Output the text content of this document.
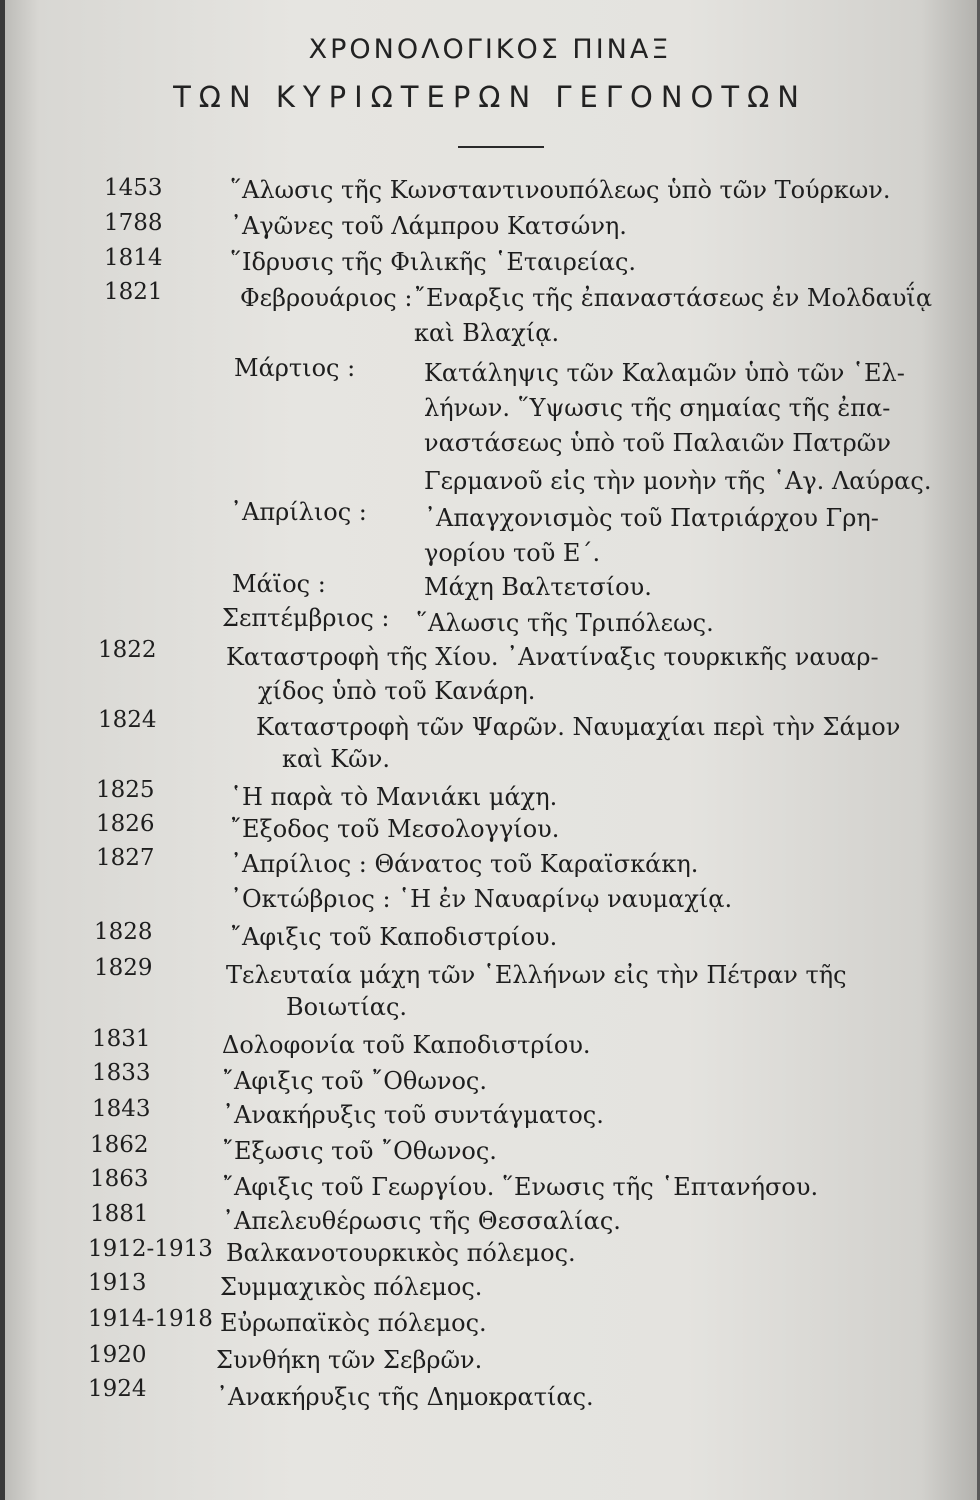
ΧΡΟΝΟΛΟΓΙΚΟΣ ΠΙΝΑΞ
ΤΩΝ ΚΥΡΙΩΤΕΡΩΝ ΓΕΓΟΝΟΤΩΝ
1453	῞Αλωσις τῆς Κωνσταντινουπόλεως ὑπὸ τῶν Τούρκων.
1788	᾿Αγῶνες τοῦ Λάμπρου Κατσώνη.
1814	῞Ιδρυσις τῆς Φιλικῆς ῾Εταιρείας.
1821	Φεβρουάριος : ῎Εναρξις τῆς ἐπαναστάσεως ἐν Μολδαυΐᾳ
καὶ Βλαχίᾳ.
Μάρτιος :	Κατάληψις τῶν Καλαμῶν ὑπὸ τῶν ῾Ελ-
λήνων. ῞Υψωσις τῆς σημαίας τῆς ἐπα-
ναστάσεως ὑπὸ τοῦ Παλαιῶν Πατρῶν
Γερμανοῦ εἰς τὴν μονὴν τῆς ῾Αγ. Λαύρας.
᾿Απρίλιος : ᾿Απαγχονισμὸς τοῦ Πατριάρχου Γρη-
γορίου τοῦ Ε΄.
Μάϊος :	Μάχη Βαλτετσίου.
Σεπτέμβριος : ῞Αλωσις τῆς Τριπόλεως.
1822	Καταστροφὴ τῆς Χίου. ᾿Ανατίναξις τουρκικῆς ναυαρ-
χίδος ὑπὸ τοῦ Κανάρη.
1824	Καταστροφὴ τῶν Ψαρῶν. Ναυμαχίαι περὶ τὴν Σάμον
καὶ Κῶν.
1825	῾Η παρὰ τὸ Μανιάκι μάχη.
1826	῎Εξοδος τοῦ Μεσολογγίου.
1827	᾿Απρίλιος : Θάνατος τοῦ Καραϊσκάκη.
᾿Οκτώβριος : ῾Η ἐν Ναυαρίνῳ ναυμαχίᾳ.
1828	῎Αφιξις τοῦ Καποδιστρίου.
1829	Τελευταία μάχη τῶν ῾Ελλήνων εἰς τὴν Πέτραν τῆς
Βοιωτίας.
1831	Δολοφονία τοῦ Καποδιστρίου.
1833	῎Αφιξις τοῦ ῎Οθωνος.
1843	᾿Ανακήρυξις τοῦ συντάγματος.
1862	῎Εξωσις τοῦ ῎Οθωνος.
1863	῎Αφιξις τοῦ Γεωργίου. ῞Ενωσις τῆς ῾Επτανήσου.
1881	᾿Απελευθέρωσις τῆς Θεσσαλίας.
1912-1913 Βαλκανοτουρκικὸς πόλεμος.
1913	Συμμαχικὸς πόλεμος.
1914-1918 Εὐρωπαϊκὸς πόλεμος.
1920	Συνθήκη τῶν Σεβρῶν.
1924	᾿Ανακήρυξις τῆς Δημοκρατίας.
